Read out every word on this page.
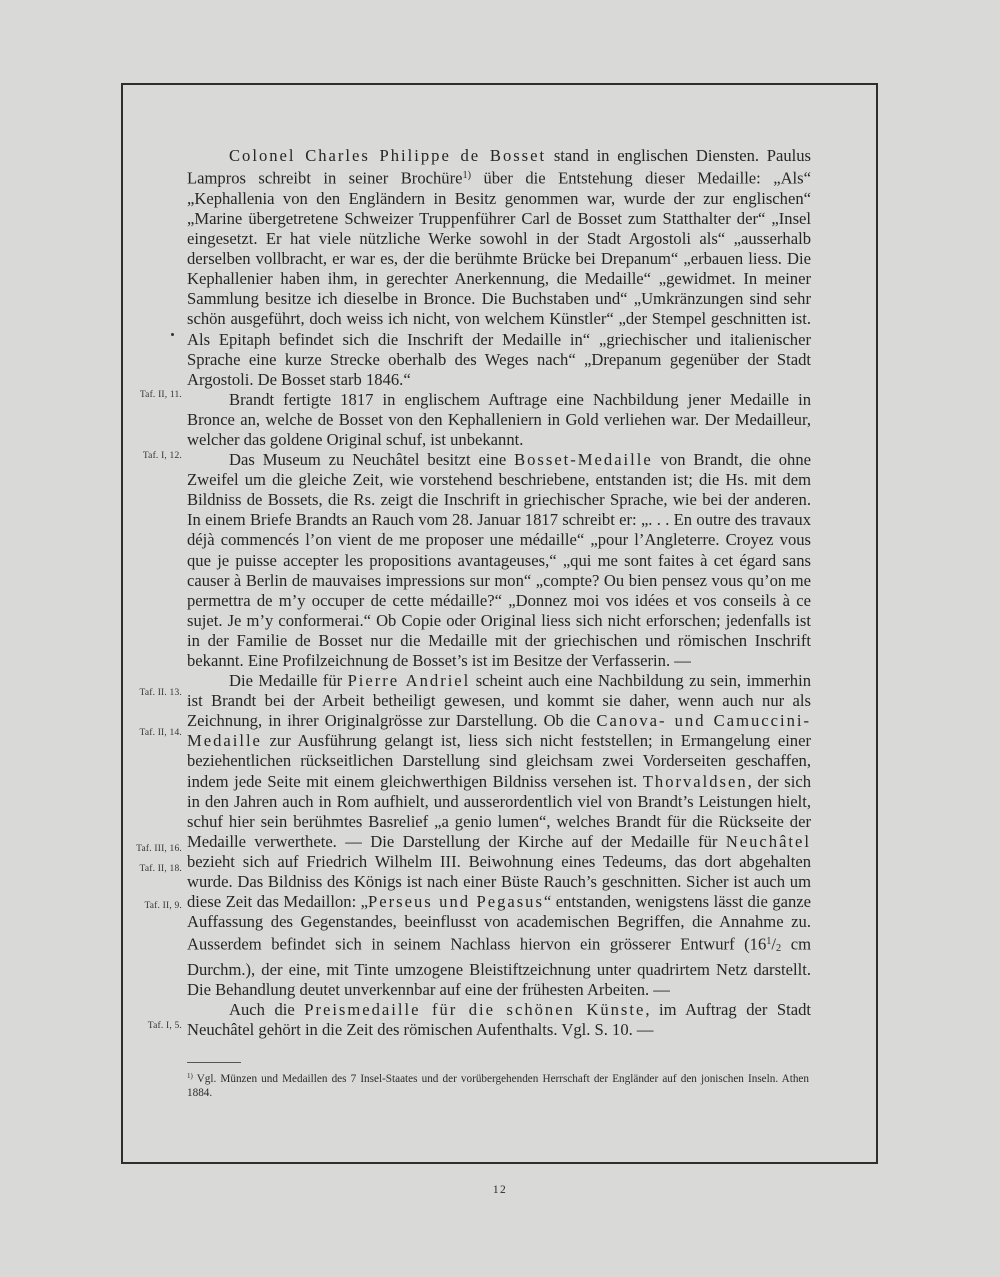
Colonel Charles Philippe de Bosset stand in englischen Diensten. Paulus Lampros schreibt in seiner Brochüre$^{1)}$ über die Entstehung dieser Medaille: „Als“ „Kephallenia von den Engländern in Besitz genommen war, wurde der zur englischen“ „Marine übergetretene Schweizer Truppenführer Carl de Bosset zum Statthalter der“ „Insel eingesetzt. Er hat viele nützliche Werke sowohl in der Stadt Argostoli als“ „ausserhalb derselben vollbracht, er war es, der die berühmte Brücke bei Drepanum“ „erbauen liess. Die Kephallenier haben ihm, in gerechter Anerkennung, die Medaille“ „gewidmet. In meiner Sammlung besitze ich dieselbe in Bronce. Die Buchstaben und“ „Umkränzungen sind sehr schön ausgeführt, doch weiss ich nicht, von welchem Künstler“ „der Stempel geschnitten ist. Als Epitaph befindet sich die Inschrift der Medaille in“ „griechischer und italienischer Sprache eine kurze Strecke oberhalb des Weges nach“ „Drepanum gegenüber der Stadt Argostoli. De Bosset starb 1846.“

Brandt fertigte 1817 in englischem Auftrage eine Nachbildung jener Medaille in Bronce an, welche de Bosset von den Kephalleniern in Gold verliehen war. Der Medailleur, welcher das goldene Original schuf, ist unbekannt.

Das Museum zu Neuchâtel besitzt eine Bosset-Medaille von Brandt, die ohne Zweifel um die gleiche Zeit, wie vorstehend beschriebene, entstanden ist; die Hs. mit dem Bildniss de Bossets, die Rs. zeigt die Inschrift in griechischer Sprache, wie bei der anderen. In einem Briefe Brandts an Rauch vom 28. Januar 1817 schreibt er: „. . . En outre des travaux déjà commencés l’on vient de me proposer une médaille“ „pour l’Angleterre. Croyez vous que je puisse accepter les propositions avantageuses,“ „qui me sont faites à cet égard sans causer à Berlin de mauvaises impressions sur mon“ „compte? Ou bien pensez vous qu’on me permettra de m’y occuper de cette médaille?“ „Donnez moi vos idées et vos conseils à ce sujet. Je m’y conformerai.“ Ob Copie oder Original liess sich nicht erforschen; jedenfalls ist in der Familie de Bosset nur die Medaille mit der griechischen und römischen Inschrift bekannt. Eine Profilzeichnung de Bosset’s ist im Besitze der Verfasserin. —

Die Medaille für Pierre Andriel scheint auch eine Nachbildung zu sein, immerhin ist Brandt bei der Arbeit betheiligt gewesen, und kommt sie daher, wenn auch nur als Zeichnung, in ihrer Originalgrösse zur Darstellung. Ob die Canova- und Camuccini-Medaille zur Ausführung gelangt ist, liess sich nicht feststellen; in Ermangelung einer beziehentlichen rückseitlichen Darstellung sind gleichsam zwei Vorderseiten geschaffen, indem jede Seite mit einem gleichwerthigen Bildniss versehen ist. Thorvaldsen, der sich in den Jahren auch in Rom aufhielt, und ausserordentlich viel von Brandt’s Leistungen hielt, schuf hier sein berühmtes Basrelief „a genio lumen“, welches Brandt für die Rückseite der Medaille verwerthete. — Die Darstellung der Kirche auf der Medaille für Neuchâtel bezieht sich auf Friedrich Wilhelm III. Beiwohnung eines Tedeums, das dort abgehalten wurde. Das Bildniss des Königs ist nach einer Büste Rauch’s geschnitten. Sicher ist auch um diese Zeit das Medaillon: „Perseus und Pegasus“ entstanden, wenigstens lässt die ganze Auffassung des Gegenstandes, beeinflusst von academischen Begriffen, die Annahme zu. Ausserdem befindet sich in seinem Nachlass hiervon ein grösserer Entwurf ($16^1/2$ cm Durchm.), der eine, mit Tinte umzogene Bleistiftzeichnung unter quadrirtem Netz darstellt. Die Behandlung deutet unverkennbar auf eine der frühesten Arbeiten. —

Auch die Preismedaille für die schönen Künste, im Auftrag der Stadt Neuchâtel gehört in die Zeit des römischen Aufenthalts. Vgl. S. 10. —

Taf. II, 11.
Taf. I, 12.
Taf. II. 13.
Taf. II, 14.
Taf. III, 16.
Taf. II, 18.
Taf. II, 9.
Taf. I, 5.
$^{1)}$ Vgl. Münzen und Medaillen des 7 Insel-Staates und der vorübergehenden Herrschaft der Engländer auf den jonischen Inseln. Athen 1884.
12
